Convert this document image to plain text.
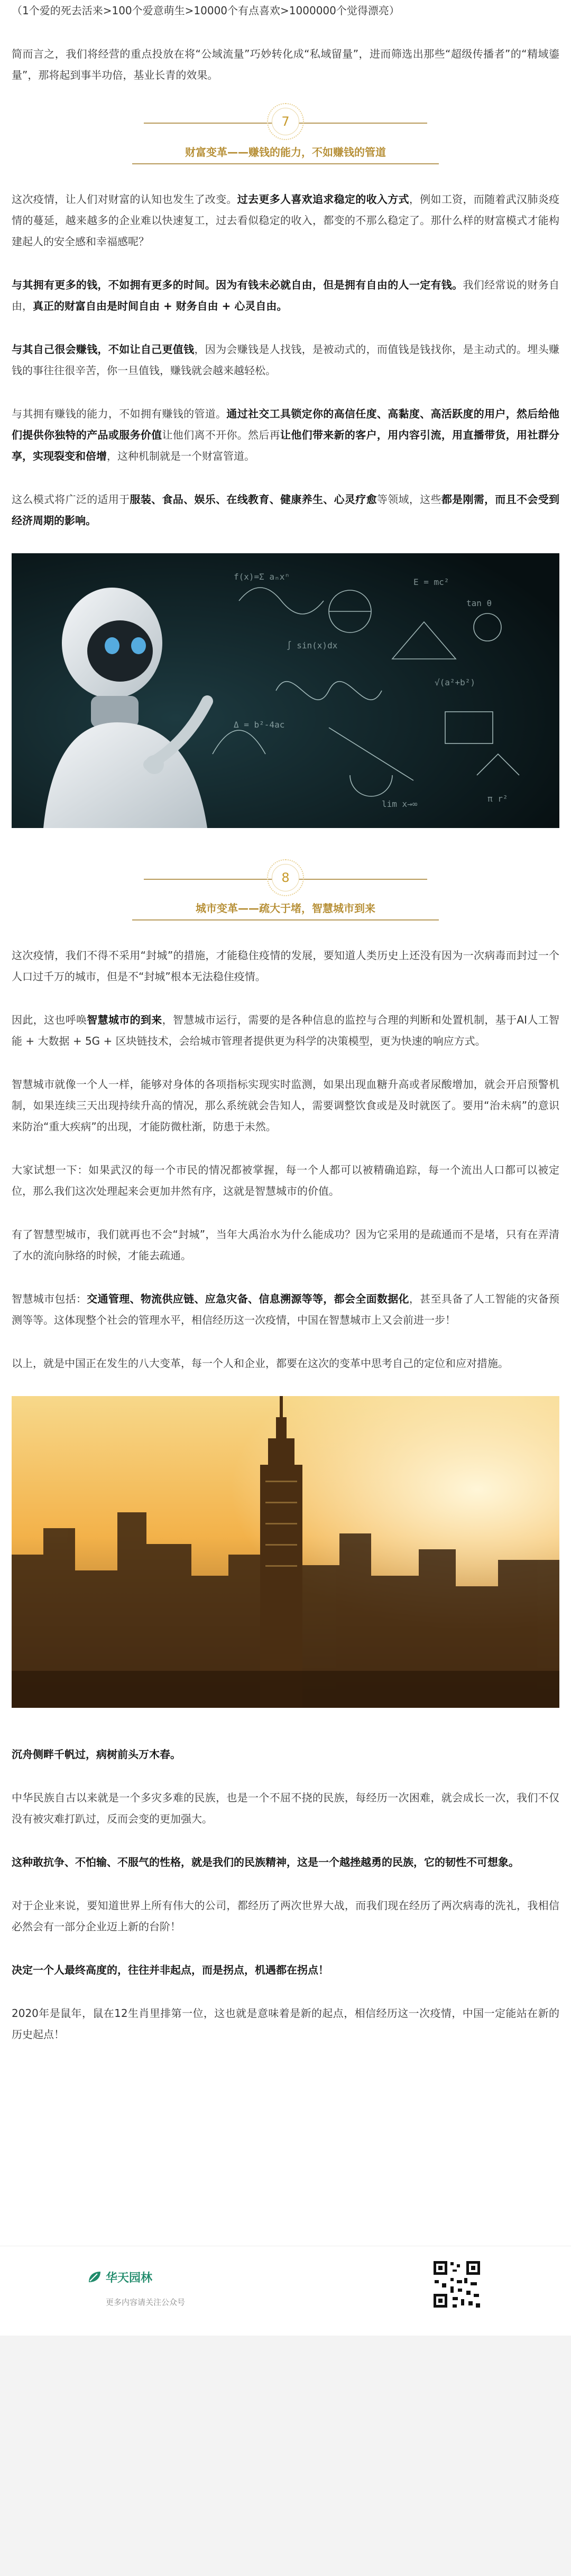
（1个爱的死去活来>100个爱意萌生>10000个有点喜欢>1000000个觉得漂亮）

简而言之，我们将经营的重点投放在将“公域流量”巧妙转化成“私域留量”，进而筛选出那些“超级传播者”的“精域鎏量”，那将起到事半功倍，基业长青的效果。

7
财富变革——赚钱的能力，不如赚钱的管道

这次疫情，让人们对财富的认知也发生了改变。过去更多人喜欢追求稳定的收入方式，例如工资，而随着武汉肺炎疫情的蔓延，越来越多的企业难以快速复工，过去看似稳定的收入，都变的不那么稳定了。那什么样的财富模式才能构建起人的安全感和幸福感呢？

与其拥有更多的钱，不如拥有更多的时间。因为有钱未必就自由，但是拥有自由的人一定有钱。我们经常说的财务自由，真正的财富自由是时间自由 + 财务自由 + 心灵自由。

与其自己很会赚钱，不如让自己更值钱，因为会赚钱是人找钱，是被动式的，而值钱是钱找你，是主动式的。埋头赚钱的事往往很辛苦，你一旦值钱，赚钱就会越来越轻松。

与其拥有赚钱的能力，不如拥有赚钱的管道。通过社交工具锁定你的高信任度、高黏度、高活跃度的用户，然后给他们提供你独特的产品或服务价值让他们离不开你。然后再让他们带来新的客户，用内容引流，用直播带货，用社群分享，实现裂变和倍增，这种机制就是一个财富管道。

这么模式将广泛的适用于服装、食品、娱乐、在线教育、健康养生、心灵疗愈等领域，这些都是刚需，而且不会受到经济周期的影响。

f(x)=Σ aₙxⁿ
E = mc²
∫ sin(x)dx
√(a²+b²)
Δ = b²-4ac
lim x→∞
π r²
tan θ
8
城市变革——疏大于堵，智慧城市到来

这次疫情，我们不得不采用“封城”的措施，才能稳住疫情的发展，要知道人类历史上还没有因为一次病毒而封过一个人口过千万的城市，但是不“封城”根本无法稳住疫情。

因此，这也呼唤智慧城市的到来，智慧城市运行，需要的是各种信息的监控与合理的判断和处置机制，基于AI人工智能 + 大数据 + 5G + 区块链技术，会给城市管理者提供更为科学的决策模型，更为快速的响应方式。

智慧城市就像一个人一样，能够对身体的各项指标实现实时监测，如果出现血糖升高或者尿酸增加，就会开启预警机制，如果连续三天出现持续升高的情况，那么系统就会告知人，需要调整饮食或是及时就医了。要用“治未病”的意识来防治“重大疾病”的出现，才能防微杜渐，防患于未然。

大家试想一下：如果武汉的每一个市民的情况都被掌握，每一个人都可以被精确追踪，每一个流出人口都可以被定位，那么我们这次处理起来会更加井然有序，这就是智慧城市的价值。

有了智慧型城市，我们就再也不会“封城”，当年大禹治水为什么能成功？因为它采用的是疏通而不是堵，只有在弄清了水的流向脉络的时候，才能去疏通。

智慧城市包括：交通管理、物流供应链、应急灾备、信息溯源等等，都会全面数据化，甚至具备了人工智能的灾备预测等等。这体现整个社会的管理水平，相信经历这一次疫情，中国在智慧城市上又会前进一步！

以上，就是中国正在发生的八大变革，每一个人和企业，都要在这次的变革中思考自己的定位和应对措施。

沉舟侧畔千帆过，病树前头万木春。

中华民族自古以来就是一个多灾多难的民族，也是一个不屈不挠的民族，每经历一次困难，就会成长一次，我们不仅没有被灾难打趴过，反而会变的更加强大。

这种敢抗争、不怕输、不服气的性格，就是我们的民族精神，这是一个越挫越勇的民族，它的韧性不可想象。

对于企业来说，要知道世界上所有伟大的公司，都经历了两次世界大战，而我们现在经历了两次病毒的洗礼，我相信必然会有一部分企业迈上新的台阶！

决定一个人最终高度的，往往并非起点，而是拐点，机遇都在拐点！

2020年是鼠年，鼠在12生肖里排第一位，这也就是意味着是新的起点，相信经历这一次疫情，中国一定能站在新的历史起点！

华天园林
更多内容请关注公众号
